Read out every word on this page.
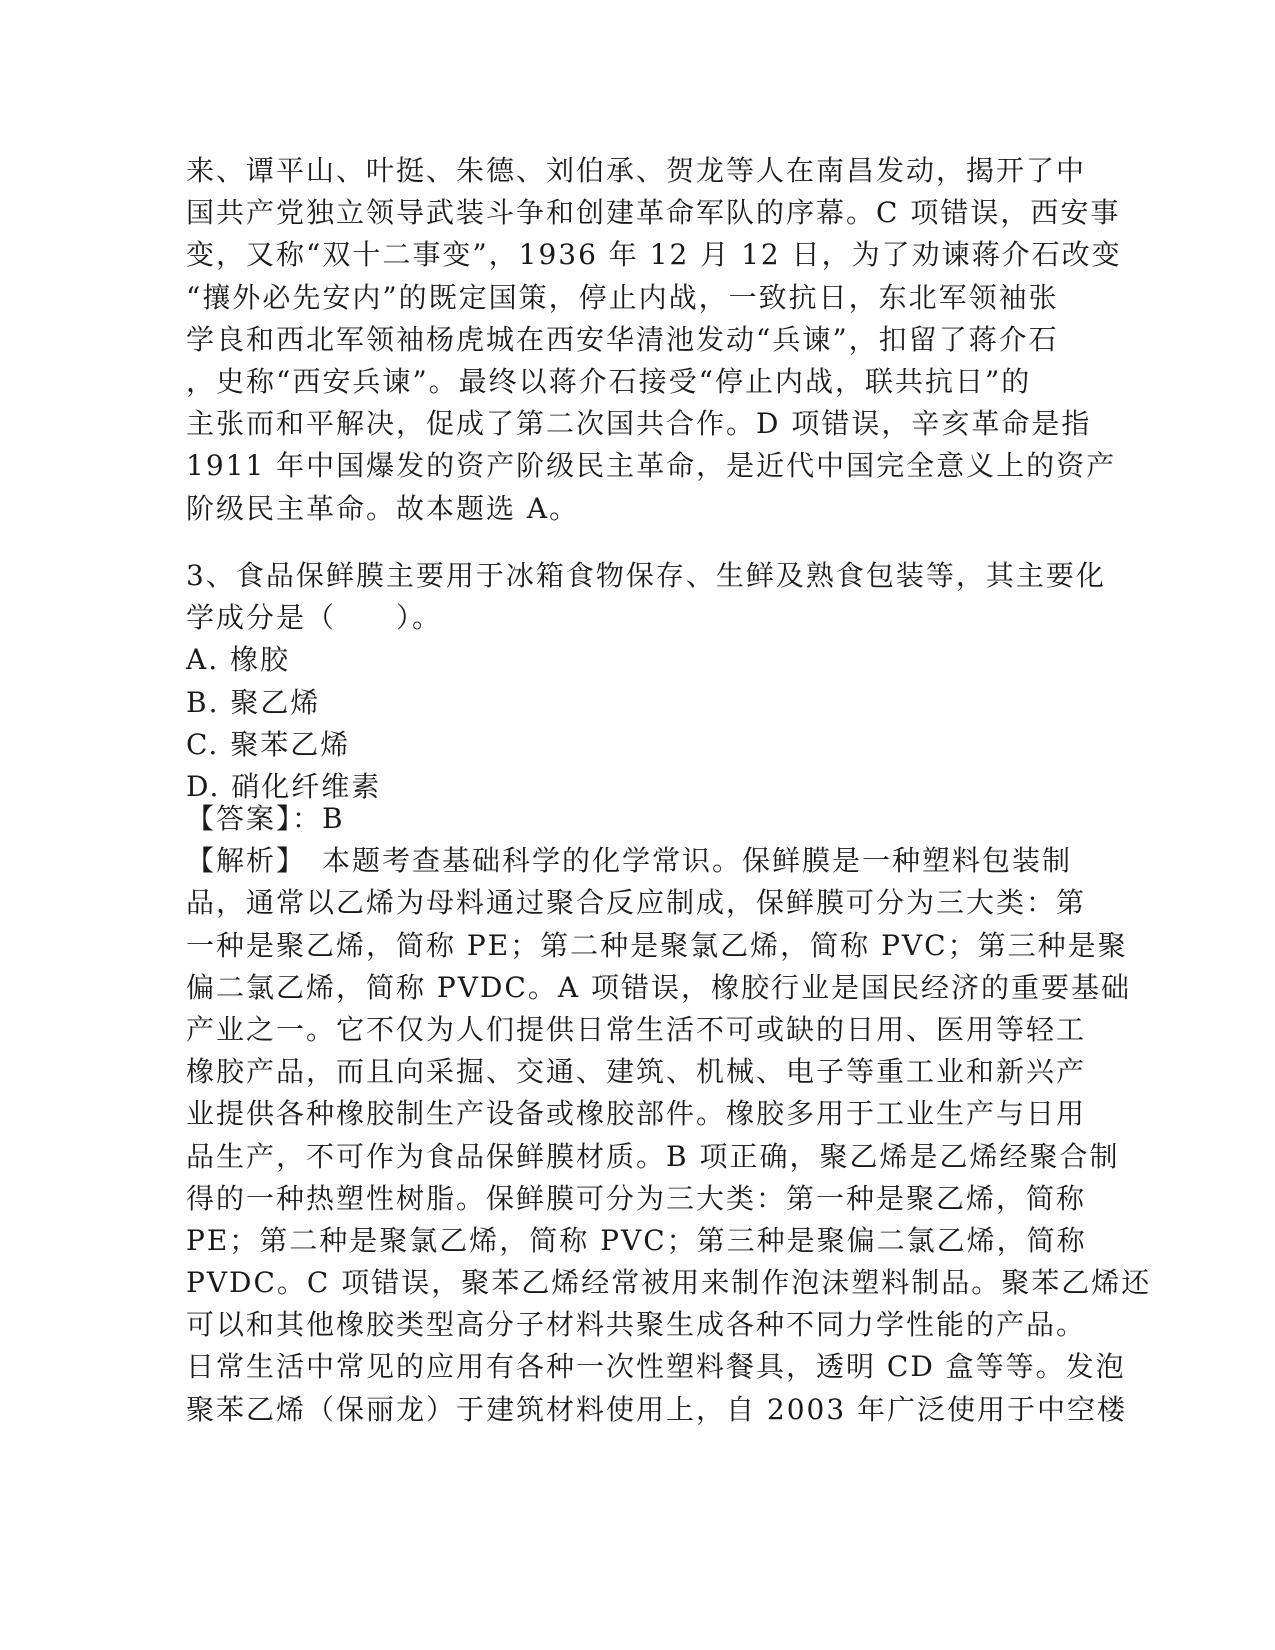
来、谭平山、叶挺、朱德、刘伯承、贺龙等人在南昌发动，揭开了中
国共产党独立领导武装斗争和创建革命军队的序幕。C 项错误，西安事
变，又称“双十二事变”，1936 年 12 月 12 日，为了劝谏蒋介石改变
“攘外必先安内”的既定国策，停止内战，一致抗日，东北军领袖张
学良和西北军领袖杨虎城在西安华清池发动“兵谏”，扣留了蒋介石
，史称“西安兵谏”。最终以蒋介石接受“停止内战，联共抗日”的
主张而和平解决，促成了第二次国共合作。D 项错误，辛亥革命是指
1911 年中国爆发的资产阶级民主革命，是近代中国完全意义上的资产
阶级民主革命。故本题选 A。
3、食品保鲜膜主要用于冰箱食物保存、生鲜及熟食包装等，其主要化
学成分是（　　）。
A. 橡胶
B. 聚乙烯
C. 聚苯乙烯
D. 硝化纤维素
【答案】：B
【解析】　本题考查基础科学的化学常识。保鲜膜是一种塑料包装制
品，通常以乙烯为母料通过聚合反应制成，保鲜膜可分为三大类：第
一种是聚乙烯，简称 PE；第二种是聚氯乙烯，简称 PVC；第三种是聚
偏二氯乙烯，简称 PVDC。A 项错误，橡胶行业是国民经济的重要基础
产业之一。它不仅为人们提供日常生活不可或缺的日用、医用等轻工
橡胶产品，而且向采掘、交通、建筑、机械、电子等重工业和新兴产
业提供各种橡胶制生产设备或橡胶部件。橡胶多用于工业生产与日用
品生产，不可作为食品保鲜膜材质。B 项正确，聚乙烯是乙烯经聚合制
得的一种热塑性树脂。保鲜膜可分为三大类：第一种是聚乙烯，简称
PE；第二种是聚氯乙烯，简称 PVC；第三种是聚偏二氯乙烯，简称
PVDC。C 项错误，聚苯乙烯经常被用来制作泡沫塑料制品。聚苯乙烯还
可以和其他橡胶类型高分子材料共聚生成各种不同力学性能的产品。
日常生活中常见的应用有各种一次性塑料餐具，透明 CD 盒等等。发泡
聚苯乙烯（保丽龙）于建筑材料使用上，自 2003 年广泛使用于中空楼
